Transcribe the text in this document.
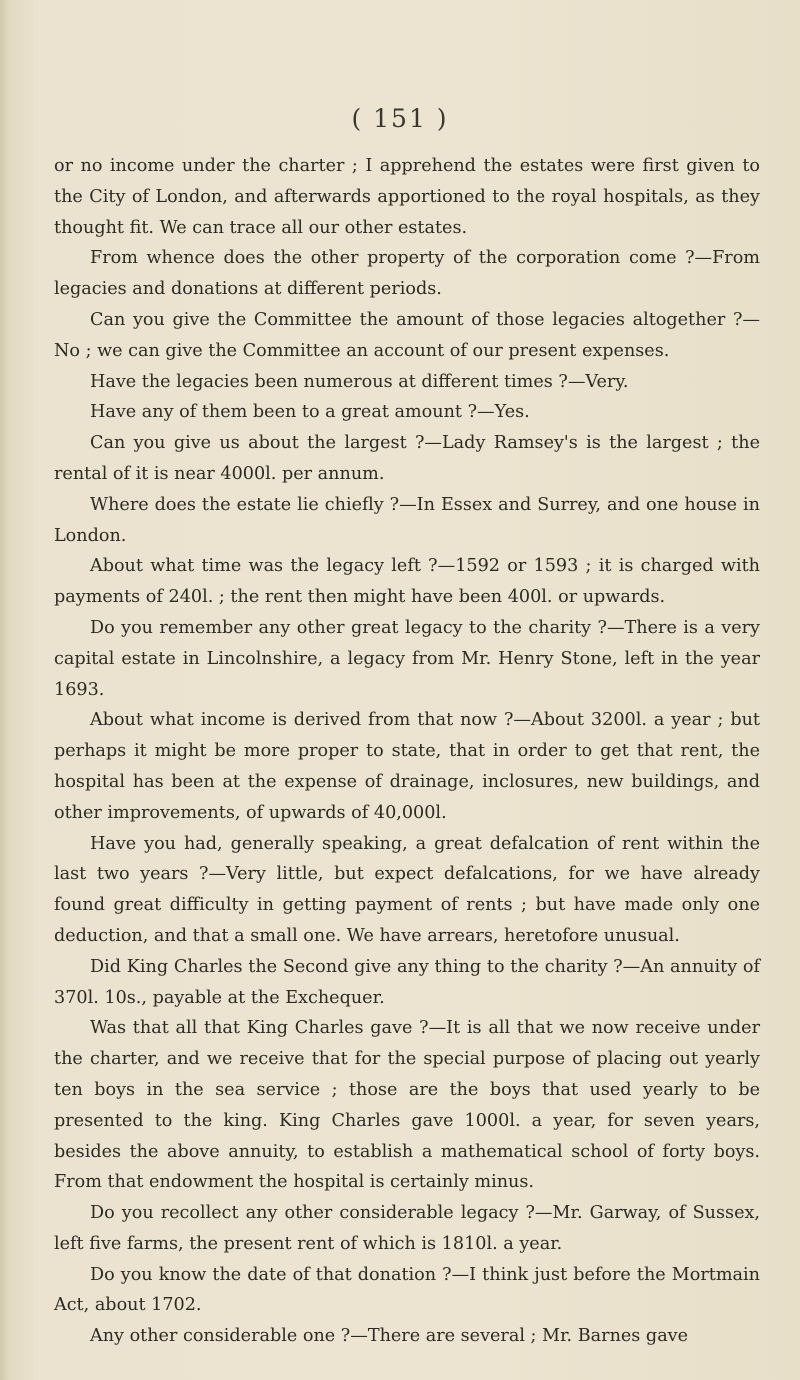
( 151 )

or no income under the charter ; I apprehend the estates were first given to the City of London, and afterwards apportioned to the royal hospitals, as they thought fit. We can trace all our other estates.

From whence does the other property of the corporation come ?—From legacies and donations at different periods.

Can you give the Committee the amount of those legacies altogether ?—No ; we can give the Committee an account of our present expenses.

Have the legacies been numerous at different times ?—Very.

Have any of them been to a great amount ?—Yes.

Can you give us about the largest ?—Lady Ramsey's is the largest ; the rental of it is near 4000l. per annum.

Where does the estate lie chiefly ?—In Essex and Surrey, and one house in London.

About what time was the legacy left ?—1592 or 1593 ; it is charged with payments of 240l. ; the rent then might have been 400l. or upwards.

Do you remember any other great legacy to the charity ?—There is a very capital estate in Lincolnshire, a legacy from Mr. Henry Stone, left in the year 1693.

About what income is derived from that now ?—About 3200l. a year ; but perhaps it might be more proper to state, that in order to get that rent, the hospital has been at the expense of drainage, inclosures, new buildings, and other improvements, of upwards of 40,000l.

Have you had, generally speaking, a great defalcation of rent within the last two years ?—Very little, but expect defalcations, for we have already found great difficulty in getting payment of rents ; but have made only one deduction, and that a small one. We have arrears, heretofore unusual.

Did King Charles the Second give any thing to the charity ?—An annuity of 370l. 10s., payable at the Exchequer.

Was that all that King Charles gave ?—It is all that we now receive under the charter, and we receive that for the special purpose of placing out yearly ten boys in the sea service ; those are the boys that used yearly to be presented to the king. King Charles gave 1000l. a year, for seven years, besides the above annuity, to establish a mathematical school of forty boys. From that endowment the hospital is certainly minus.

Do you recollect any other considerable legacy ?—Mr. Garway, of Sussex, left five farms, the present rent of which is 1810l. a year.

Do you know the date of that donation ?—I think just before the Mortmain Act, about 1702.

Any other considerable one ?—There are several ; Mr. Barnes gave
